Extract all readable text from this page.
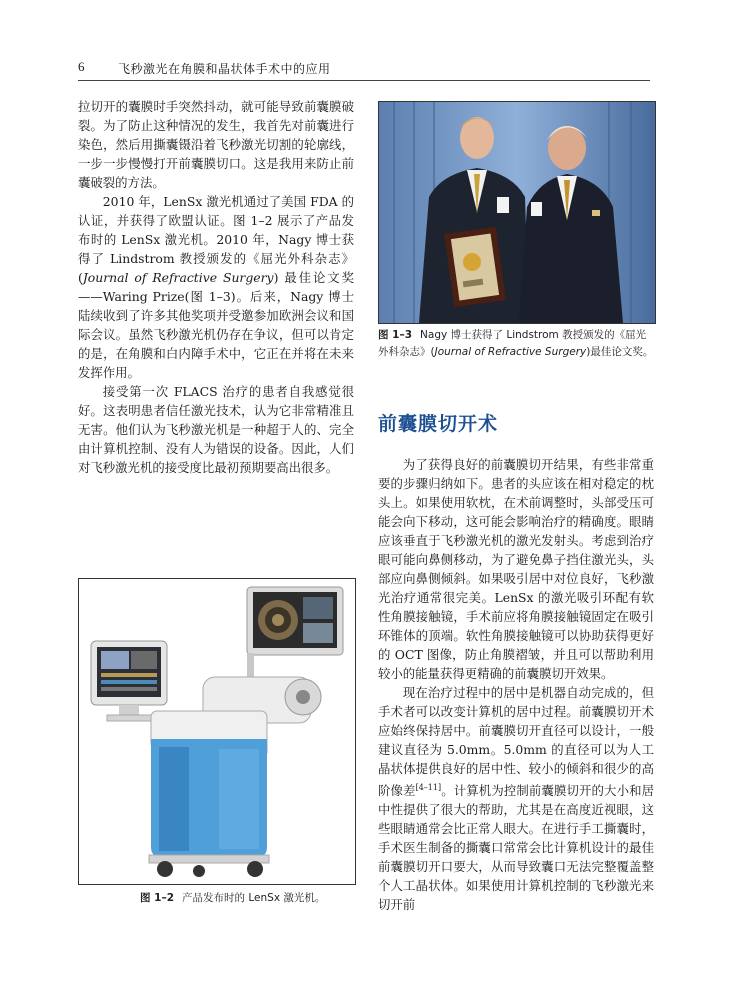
6	飞秒激光在角膜和晶状体手术中的应用

拉切开的囊膜时手突然抖动，就可能导致前囊膜破裂。为了防止这种情况的发生，我首先对前囊进行染色，然后用撕囊镊沿着飞秒激光切割的轮廓线，一步一步慢慢打开前囊膜切口。这是我用来防止前囊破裂的方法。

2010 年，LenSx 激光机通过了美国 FDA 的认证，并获得了欧盟认证。图 1–2 展示了产品发布时的 LenSx 激光机。2010 年，Nagy 博士获得了 Lindstrom 教授颁发的《屈光外科杂志》(Journal of Refractive Surgery) 最佳论文奖——Waring Prize(图 1–3)。后来，Nagy 博士陆续收到了许多其他奖项并受邀参加欧洲会议和国际会议。虽然飞秒激光机仍存在争议，但可以肯定的是，在角膜和白内障手术中，它正在并将在未来发挥作用。

接受第一次 FLACS 治疗的患者自我感觉很好。这表明患者信任激光技术，认为它非常精准且无害。他们认为飞秒激光机是一种超于人的、完全由计算机控制、没有人为错误的设备。因此，人们对飞秒激光机的接受度比最初预期要高出很多。

图 1–3 Nagy 博士获得了 Lindstrom 教授颁发的《屈光外科杂志》(Journal of Refractive Surgery)最佳论文奖。
前囊膜切开术

为了获得良好的前囊膜切开结果，有些非常重要的步骤归纳如下。患者的头应该在相对稳定的枕头上。如果使用软枕，在术前调整时，头部受压可能会向下移动，这可能会影响治疗的精确度。眼睛应该垂直于飞秒激光机的激光发射头。考虑到治疗眼可能向鼻侧移动，为了避免鼻子挡住激光头，头部应向鼻侧倾斜。如果吸引居中对位良好，飞秒激光治疗通常很完美。LenSx 的激光吸引环配有软性角膜接触镜，手术前应将角膜接触镜固定在吸引环锥体的顶端。软性角膜接触镜可以协助获得更好的 OCT 图像，防止角膜褶皱，并且可以帮助利用较小的能量获得更精确的前囊膜切开效果。

现在治疗过程中的居中是机器自动完成的，但手术者可以改变计算机的居中过程。前囊膜切开术应始终保持居中。前囊膜切开直径可以设计，一般建议直径为 5.0mm。5.0mm 的直径可以为人工晶状体提供良好的居中性、较小的倾斜和很少的高阶像差[4–11]。计算机为控制前囊膜切开的大小和居中性提供了很大的帮助，尤其是在高度近视眼，这些眼睛通常会比正常人眼大。在进行手工撕囊时，手术医生制备的撕囊口常常会比计算机设计的最佳前囊膜切开口要大，从而导致囊口无法完整覆盖整个人工晶状体。如果使用计算机控制的飞秒激光来切开前

图 1–2 产品发布时的 LenSx 激光机。
